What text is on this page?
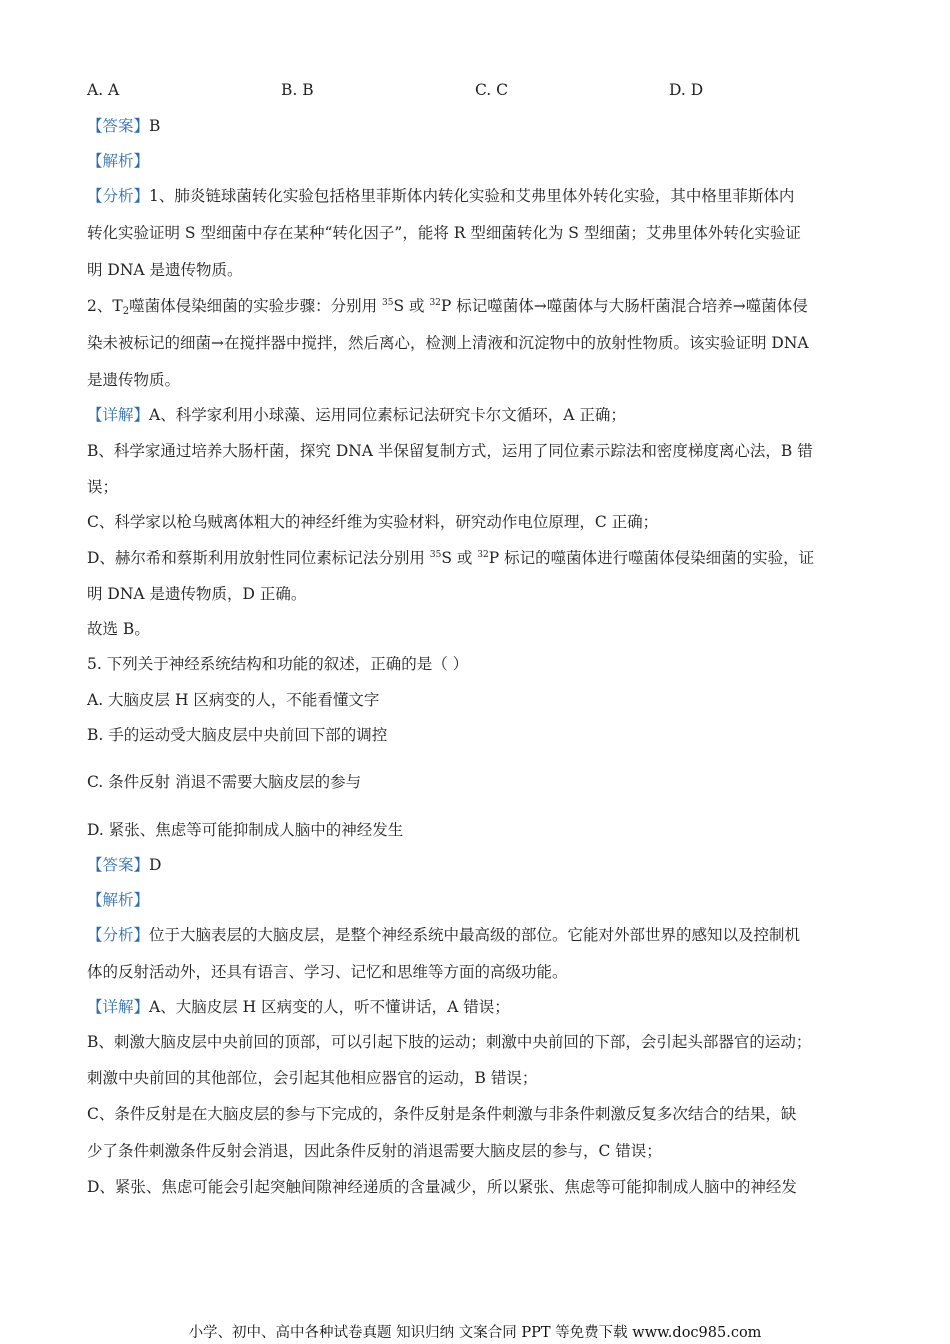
A. A	B. B	C. C	D. D
【答案】B
【解析】
【分析】1、肺炎链球菌转化实验包括格里菲斯体内转化实验和艾弗里体外转化实验，其中格里菲斯体内
转化实验证明 S 型细菌中存在某种“转化因子”，能将 R 型细菌转化为 S 型细菌；艾弗里体外转化实验证
明 DNA 是遗传物质。
2、$T_2$噬菌体侵染细菌的实验步骤：分别用 $^{35}$S 或 $^{32}$P 标记噬菌体→噬菌体与大肠杆菌混合培养→噬菌体侵
染未被标记的细菌→在搅拌器中搅拌，然后离心，检测上清液和沉淀物中的放射性物质。该实验证明 DNA
是遗传物质。
【详解】A、科学家利用小球藻、运用同位素标记法研究卡尔文循环，A 正确；
B、科学家通过培养大肠杆菌，探究 DNA 半保留复制方式，运用了同位素示踪法和密度梯度离心法，B 错
误；
C、科学家以枪乌贼离体粗大的神经纤维为实验材料，研究动作电位原理，C 正确；
D、赫尔希和蔡斯利用放射性同位素标记法分别用 $^{35}$S 或 $^{32}$P 标记的噬菌体进行噬菌体侵染细菌的实验，证
明 DNA 是遗传物质，D 正确。
故选 B。
5. 下列关于神经系统结构和功能的叙述，正确的是（ ）
A. 大脑皮层 H 区病变的人，不能看懂文字
B. 手的运动受大脑皮层中央前回下部的调控
C. 条件反射 消退不需要大脑皮层的参与
D. 紧张、焦虑等可能抑制成人脑中的神经发生
【答案】D
【解析】
【分析】位于大脑表层的大脑皮层，是整个神经系统中最高级的部位。它能对外部世界的感知以及控制机
体的反射活动外，还具有语言、学习、记忆和思维等方面的高级功能。
【详解】A、大脑皮层 H 区病变的人，听不懂讲话，A 错误；
B、刺激大脑皮层中央前回的顶部，可以引起下肢的运动；刺激中央前回的下部，会引起头部器官的运动；
刺激中央前回的其他部位，会引起其他相应器官的运动，B 错误；
C、条件反射是在大脑皮层的参与下完成的，条件反射是条件刺激与非条件刺激反复多次结合的结果，缺
少了条件刺激条件反射会消退，因此条件反射的消退需要大脑皮层的参与，C 错误；
D、紧张、焦虑可能会引起突触间隙神经递质的含量减少，所以紧张、焦虑等可能抑制成人脑中的神经发
小学、初中、高中各种试卷真题 知识归纳 文案合同 PPT 等免费下载 www.doc985.com
